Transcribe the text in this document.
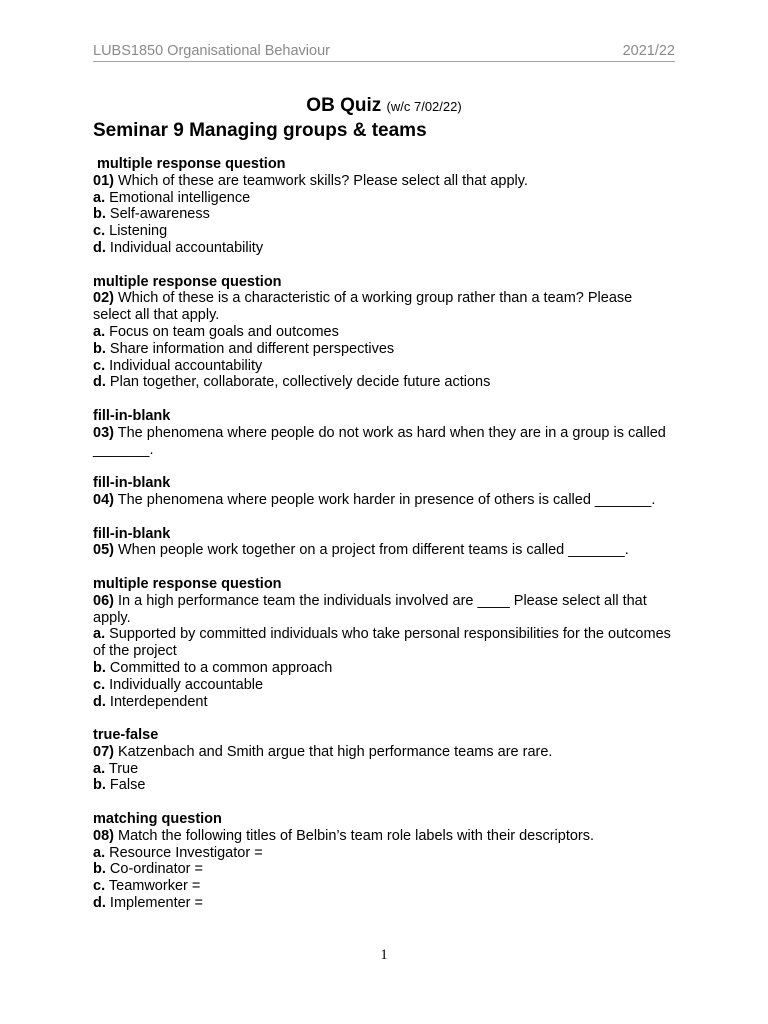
LUBS1850 Organisational Behaviour	2021/22
OB Quiz (w/c 7/02/22)
Seminar 9 Managing groups & teams
multiple response question
01) Which of these are teamwork skills? Please select all that apply.
a. Emotional intelligence
b. Self-awareness
c. Listening
d. Individual accountability
multiple response question
02) Which of these is a characteristic of a working group rather than a team? Please select all that apply.
a. Focus on team goals and outcomes
b. Share information and different perspectives
c. Individual accountability
d. Plan together, collaborate, collectively decide future actions
fill-in-blank
03) The phenomena where people do not work as hard when they are in a group is called _______.
fill-in-blank
04) The phenomena where people work harder in presence of others is called _______.
fill-in-blank
05) When people work together on a project from different teams is called _______.
multiple response question
06) In a high performance team the individuals involved are ____ Please select all that apply.
a. Supported by committed individuals who take personal responsibilities for the outcomes of the project
b. Committed to a common approach
c. Individually accountable
d. Interdependent
true-false
07) Katzenbach and Smith argue that high performance teams are rare.
a. True
b. False
matching question
08) Match the following titles of Belbin’s team role labels with their descriptors.
a. Resource Investigator =
b. Co-ordinator =
c. Teamworker =
d. Implementer =
1
